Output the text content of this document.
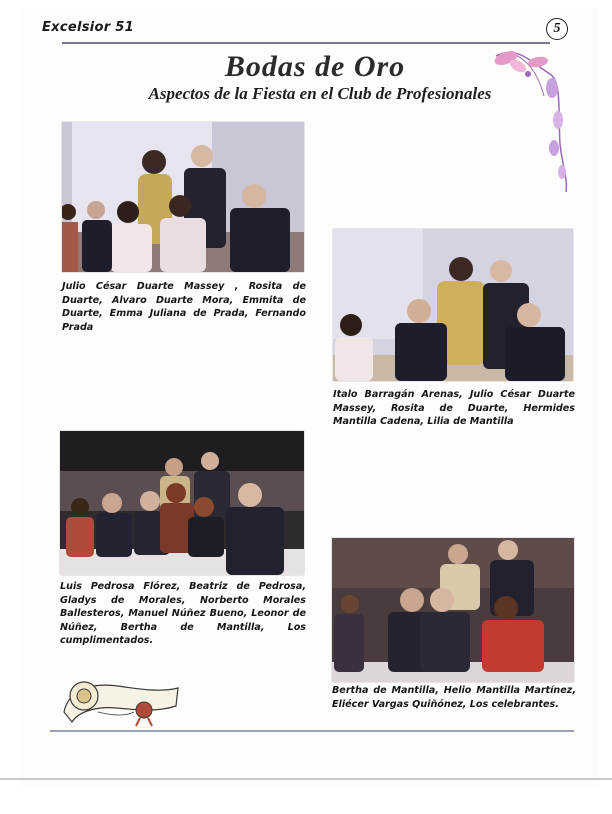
Excelsior 51	5
Bodas de Oro
Aspectos de la Fiesta en el Club de Profesionales
Julio César Duarte Massey , Rosita de Duarte, Alvaro Duarte Mora, Emmita de Duarte, Emma Juliana de Prada, Fernando Prada
Italo Barragán Arenas, Julio César Duarte Massey, Rosita de Duarte, Hermides Mantilla Cadena, Lilia de Mantilla
Luis Pedrosa Flórez, Beatriz de Pedrosa, Gladys de Morales, Norberto Morales Ballesteros, Manuel Núñez Bueno, Leonor de Núñez, Bertha de Mantilla, Los cumplimentados.
Bertha de Mantilla, Helio Mantilla Martínez, Eliécer Vargas Quiñónez, Los celebrantes.
